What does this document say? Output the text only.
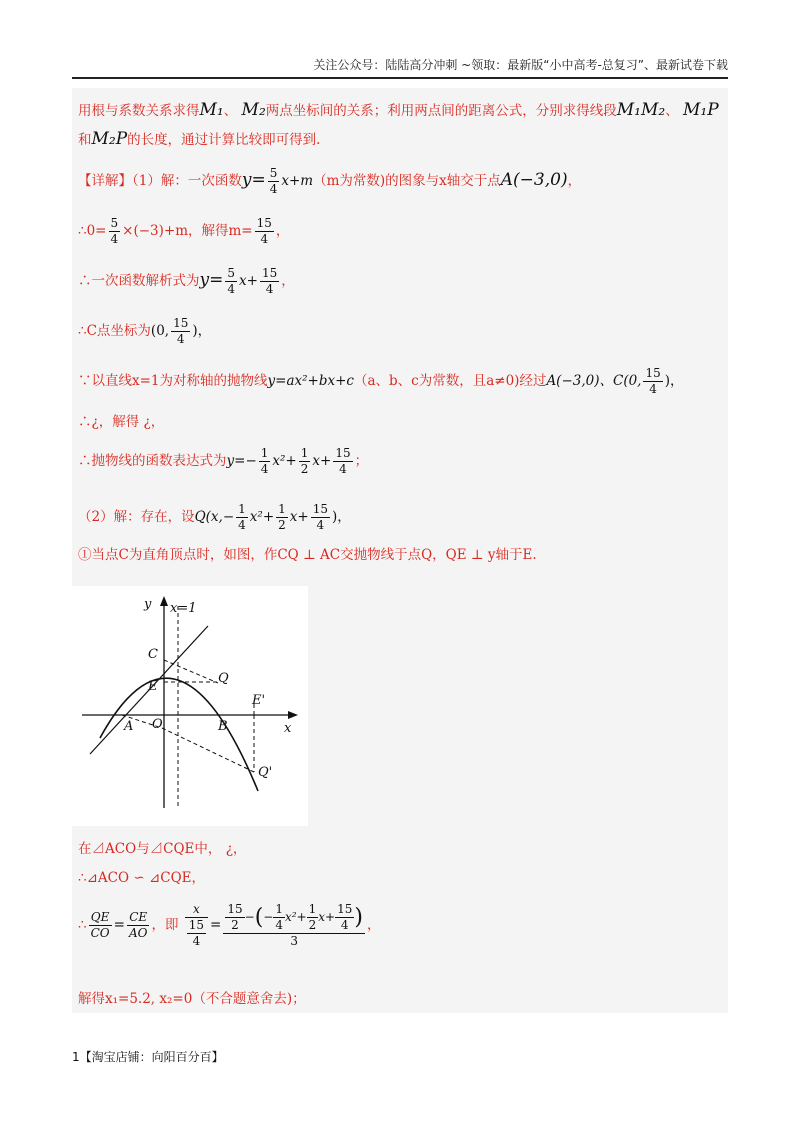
关注公众号：陆陆高分冲刺 ~领取：最新版“小中高考-总复习”、最新试卷下载
用根与系数关系求得M₁、 M₂两点坐标间的关系；利用两点间的距离公式，分别求得线段M₁M₂、 M₁P
和M₂P的长度，通过计算比较即可得到.
【详解】（1）解：一次函数$y= \frac{5}{4} x+m(m$为常数)的图象与x轴交于点A(−3,0)，
∴0= $\frac{5}{4} \times(-3)+m$，解得$m= \frac{15}{4}$ ，
∴一次函数解析式为$y= \frac{5}{4} x+ \frac{15}{4}$ ，
∴C点坐标为(0, $\frac{15}{4}$ )，
∵以直线x=1为对称轴的抛物线y=ax²+bx+c（a、b、c为常数，且a≠0)经过A(−3,0)、C(0, $\frac{15}{4}$ )，
∴¿，解得 ¿，
∴抛物线的函数表达式为$y=- \frac{1}{4} x^2+ \frac{1}{2} x+ \frac{15}{4}$ ；
（2）解：存在，设$Q(x,- \frac{1}{4} x^2+ \frac{1}{2} x+ \frac{15}{4}$ )，
①当点C为直角顶点时，如图，作CQ ⊥ AC交抛物线于点Q，QE ⊥ y轴于E.
y x=1
C
E
Q
E'
A O	B	x
Q'
在⊿ACO与⊿CQE中， ¿，
∴⊿ACO ∽ ⊿CQE，
∴ $\frac{QE}{CO} = \frac{CE}{AO}$ ，即 $\frac{x}{\frac{15}{4}} = \frac{\frac{15}{2} -(- \frac{1}{4} x^2+ \frac{1}{2} x+ \frac{15}{4} )}{3}$ ，
解得x₁=5.2, x₂=0（不合题意舍去)；
1【淘宝店铺：向阳百分百】
